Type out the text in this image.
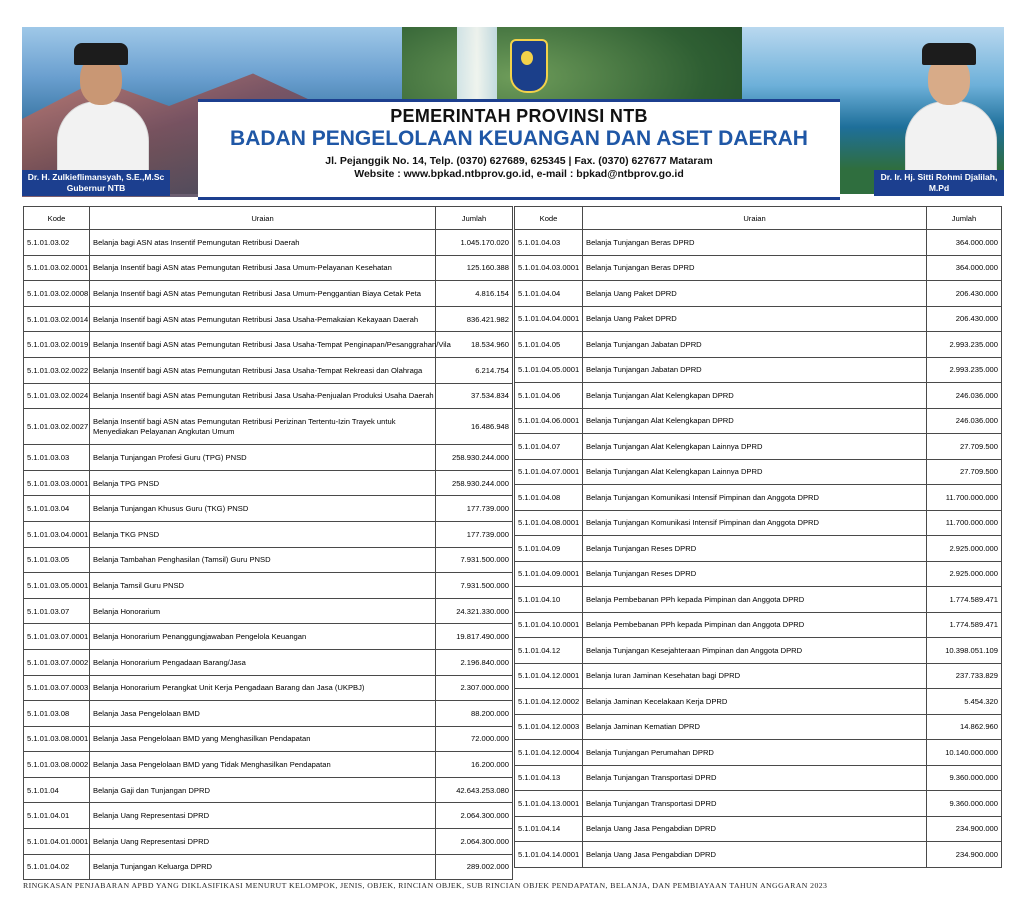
Dr. H. Zulkieflimansyah, S.E.,M.Sc
Gubernur NTB
Dr. Ir. Hj. Sitti Rohmi Djalilah, M.Pd
Wakil Gubernur NTB
PEMERINTAH PROVINSI NTB
BADAN PENGELOLAAN KEUANGAN DAN ASET DAERAH
Jl. Pejanggik No. 14, Telp. (0370) 627689, 625345 | Fax. (0370) 627677 Mataram
Website : www.bpkad.ntbprov.go.id, e-mail : bpkad@ntbprov.go.id
Kode	Uraian	Jumlah
5.1.01.03.02	Belanja bagi ASN atas Insentif Pemungutan Retribusi Daerah	1.045.170.020
5.1.01.03.02.0001	Belanja Insentif bagi ASN atas Pemungutan Retribusi Jasa Umum-Pelayanan Kesehatan	125.160.388
5.1.01.03.02.0008	Belanja Insentif bagi ASN atas Pemungutan Retribusi Jasa Umum-Penggantian Biaya Cetak Peta	4.816.154
5.1.01.03.02.0014	Belanja Insentif bagi ASN atas Pemungutan Retribusi Jasa Usaha-Pemakaian Kekayaan Daerah	836.421.982
5.1.01.03.02.0019	Belanja Insentif bagi ASN atas Pemungutan Retribusi Jasa Usaha-Tempat Penginapan/Pesanggrahan/Vila	18.534.960
5.1.01.03.02.0022	Belanja Insentif bagi ASN atas Pemungutan Retribusi Jasa Usaha-Tempat Rekreasi dan Olahraga	6.214.754
5.1.01.03.02.0024	Belanja Insentif bagi ASN atas Pemungutan Retribusi Jasa Usaha-Penjualan Produksi Usaha Daerah	37.534.834
5.1.01.03.02.0027	Belanja Insentif bagi ASN atas Pemungutan Retribusi Perizinan Tertentu-Izin Trayek untuk Menyediakan Pelayanan Angkutan Umum	16.486.948
5.1.01.03.03	Belanja Tunjangan Profesi Guru (TPG) PNSD	258.930.244.000
5.1.01.03.03.0001	Belanja TPG PNSD	258.930.244.000
5.1.01.03.04	Belanja Tunjangan Khusus Guru (TKG) PNSD	177.739.000
5.1.01.03.04.0001	Belanja TKG PNSD	177.739.000
5.1.01.03.05	Belanja Tambahan Penghasilan (Tamsil) Guru PNSD	7.931.500.000
5.1.01.03.05.0001	Belanja Tamsil Guru PNSD	7.931.500.000
5.1.01.03.07	Belanja Honorarium	24.321.330.000
5.1.01.03.07.0001	Belanja Honorarium Penanggungjawaban Pengelola Keuangan	19.817.490.000
5.1.01.03.07.0002	Belanja Honorarium Pengadaan Barang/Jasa	2.196.840.000
5.1.01.03.07.0003	Belanja Honorarium Perangkat Unit Kerja Pengadaan Barang dan Jasa (UKPBJ)	2.307.000.000
5.1.01.03.08	Belanja Jasa Pengelolaan BMD	88.200.000
5.1.01.03.08.0001	Belanja Jasa Pengelolaan BMD yang Menghasilkan Pendapatan	72.000.000
5.1.01.03.08.0002	Belanja Jasa Pengelolaan BMD yang Tidak Menghasilkan Pendapatan	16.200.000
5.1.01.04	Belanja Gaji dan Tunjangan DPRD	42.643.253.080
5.1.01.04.01	Belanja Uang Representasi DPRD	2.064.300.000
5.1.01.04.01.0001	Belanja Uang Representasi DPRD	2.064.300.000
5.1.01.04.02	Belanja Tunjangan Keluarga DPRD	289.002.000
Kode	Uraian	Jumlah
5.1.01.04.03	Belanja Tunjangan Beras DPRD	364.000.000
5.1.01.04.03.0001	Belanja Tunjangan Beras DPRD	364.000.000
5.1.01.04.04	Belanja Uang Paket DPRD	206.430.000
5.1.01.04.04.0001	Belanja Uang Paket DPRD	206.430.000
5.1.01.04.05	Belanja Tunjangan Jabatan DPRD	2.993.235.000
5.1.01.04.05.0001	Belanja Tunjangan Jabatan DPRD	2.993.235.000
5.1.01.04.06	Belanja Tunjangan Alat Kelengkapan DPRD	246.036.000
5.1.01.04.06.0001	Belanja Tunjangan Alat Kelengkapan DPRD	246.036.000
5.1.01.04.07	Belanja Tunjangan Alat Kelengkapan Lainnya DPRD	27.709.500
5.1.01.04.07.0001	Belanja Tunjangan Alat Kelengkapan Lainnya DPRD	27.709.500
5.1.01.04.08	Belanja Tunjangan Komunikasi Intensif Pimpinan dan Anggota DPRD	11.700.000.000
5.1.01.04.08.0001	Belanja Tunjangan Komunikasi Intensif Pimpinan dan Anggota DPRD	11.700.000.000
5.1.01.04.09	Belanja Tunjangan Reses DPRD	2.925.000.000
5.1.01.04.09.0001	Belanja Tunjangan Reses DPRD	2.925.000.000
5.1.01.04.10	Belanja Pembebanan PPh kepada Pimpinan dan Anggota DPRD	1.774.589.471
5.1.01.04.10.0001	Belanja Pembebanan PPh kepada Pimpinan dan Anggota DPRD	1.774.589.471
5.1.01.04.12	Belanja Tunjangan Kesejahteraan Pimpinan dan Anggota DPRD	10.398.051.109
5.1.01.04.12.0001	Belanja Iuran Jaminan Kesehatan bagi DPRD	237.733.829
5.1.01.04.12.0002	Belanja Jaminan Kecelakaan Kerja DPRD	5.454.320
5.1.01.04.12.0003	Belanja Jaminan Kematian DPRD	14.862.960
5.1.01.04.12.0004	Belanja Tunjangan Perumahan DPRD	10.140.000.000
5.1.01.04.13	Belanja Tunjangan Transportasi DPRD	9.360.000.000
5.1.01.04.13.0001	Belanja Tunjangan Transportasi DPRD	9.360.000.000
5.1.01.04.14	Belanja Uang Jasa Pengabdian DPRD	234.900.000
5.1.01.04.14.0001	Belanja Uang Jasa Pengabdian DPRD	234.900.000
RINGKASAN PENJABARAN APBD YANG DIKLASIFIKASI MENURUT KELOMPOK, JENIS, OBJEK, RINCIAN OBJEK, SUB RINCIAN OBJEK PENDAPATAN, BELANJA, DAN PEMBIAYAAN TAHUN ANGGARAN 2023
